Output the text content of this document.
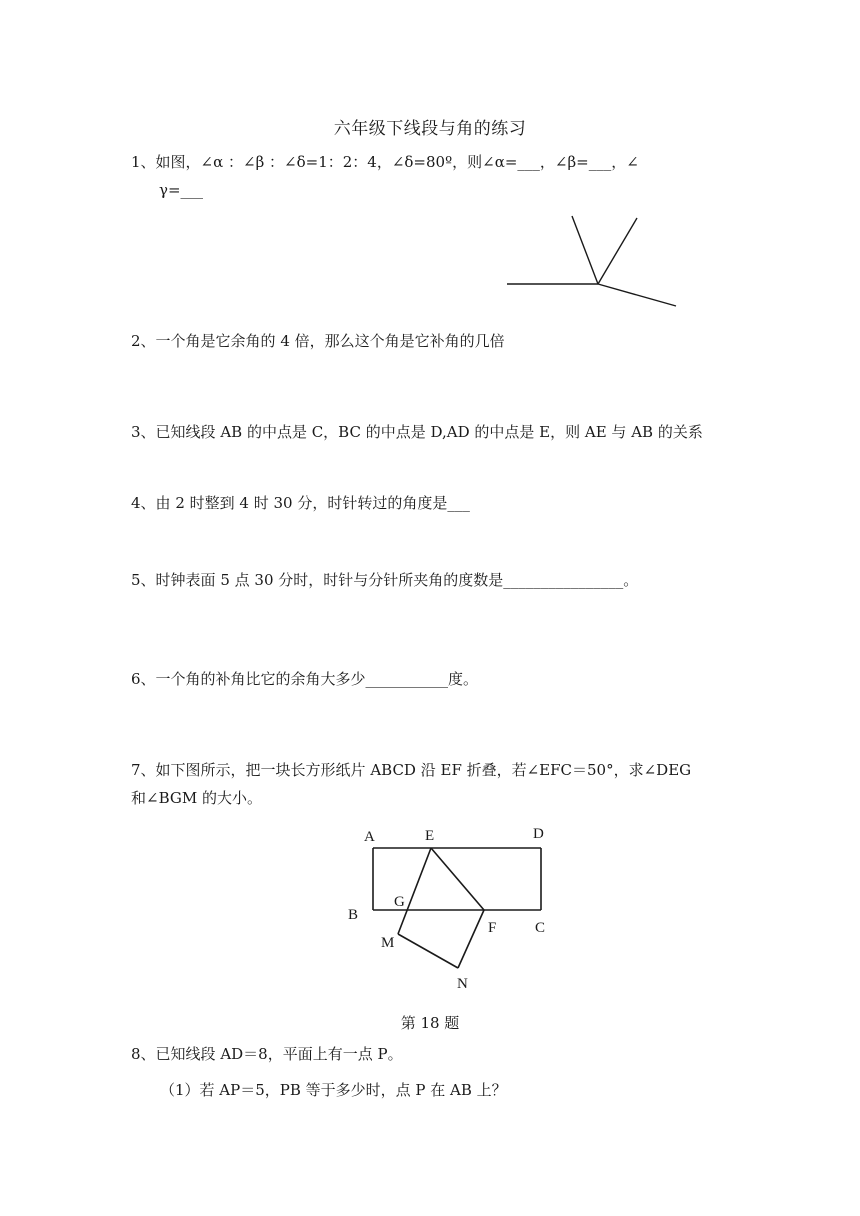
六年级下线段与角的练习
1、如图，∠α ：∠β ：∠δ=1：2：4，∠δ=80º，则∠α=___，∠β=___，∠
γ=___
2、一个角是它余角的 4 倍，那么这个角是它补角的几倍
3、已知线段 AB 的中点是 C，BC 的中点是 D,AD 的中点是 E，则 AE 与 AB 的关系
4、由 2 时整到 4 时 30 分，时针转过的角度是___
5、时钟表面 5 点 30 分时，时针与分针所夹角的度数是________________。
6、一个角的补角比它的余角大多少___________度。
7、如下图所示，把一块长方形纸片 ABCD 沿 EF 折叠，若∠EFC＝50°，求∠DEG
和∠BGM 的大小。
A	E	D
B
G
F	C
M
N
第 18 题
8、已知线段 AD＝8，平面上有一点 P。
（1）若 AP＝5，PB 等于多少时，点 P 在 AB 上？
